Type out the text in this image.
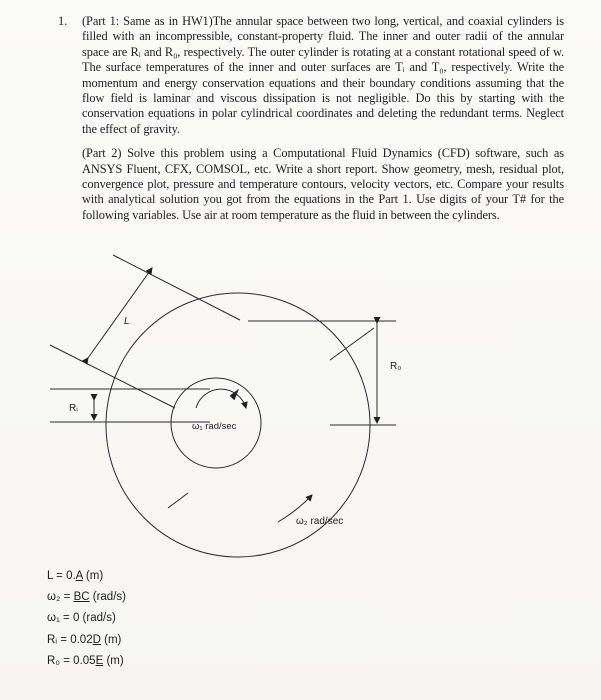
1. (Part 1: Same as in HW1)The annular space between two long, vertical, and coaxial cylinders is filled with an incompressible, constant-property fluid. The inner and outer radii of the annular space are Rᵢ and R₀, respectively. The outer cylinder is rotating at a constant rotational speed of w. The surface temperatures of the inner and outer surfaces are Tᵢ and T₀, respectively. Write the momentum and energy conservation equations and their boundary conditions assuming that the flow field is laminar and viscous dissipation is not negligible. Do this by starting with the conservation equations in polar cylindrical coordinates and deleting the redundant terms. Neglect the effect of gravity.

(Part 2) Solve this problem using a Computational Fluid Dynamics (CFD) software, such as ANSYS Fluent, CFX, COMSOL, etc. Write a short report. Show geometry, mesh, residual plot, convergence plot, pressure and temperature contours, velocity vectors, etc. Compare your results with analytical solution you got from the equations in the Part 1. Use digits of your T# for the following variables. Use air at room temperature as the fluid in between the cylinders.

L
Rᵢ
R₀
ω₁ rad/sec
ω₂ rad/sec
L = 0.A (m)
ω₂ = BC (rad/s)
ω₁ = 0 (rad/s)
Rᵢ = 0.02D (m)
R₀ = 0.05E (m)
